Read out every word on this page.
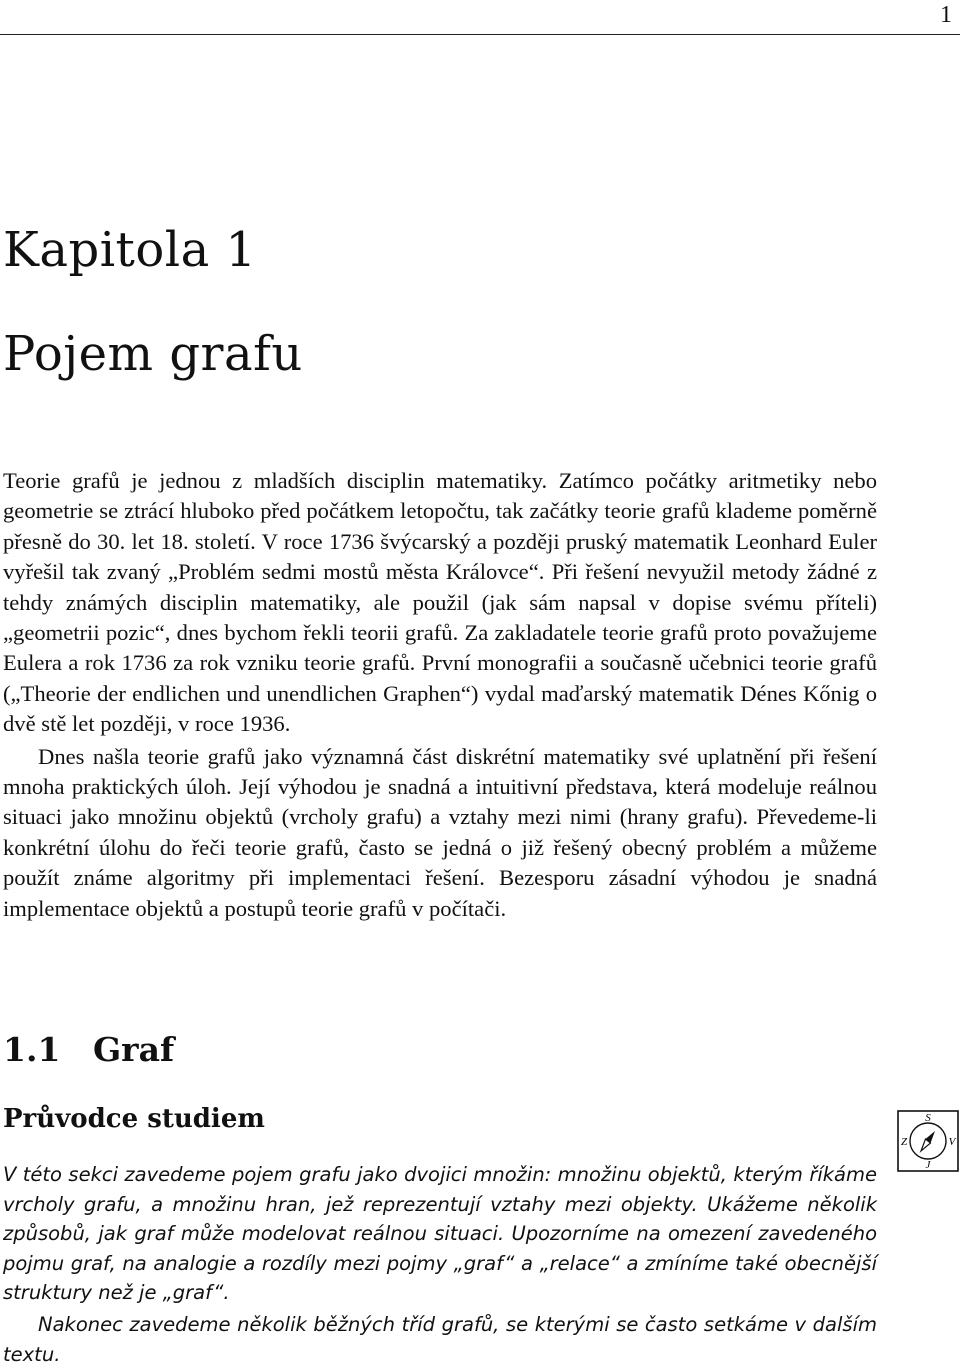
1
Kapitola 1
Pojem grafu

Teorie grafů je jednou z mladších disciplin matematiky. Zatímco počátky aritmetiky nebo geometrie se ztrácí hluboko před počátkem letopočtu, tak začátky teorie grafů klademe poměrně přesně do 30. let 18. století. V roce 1736 švýcarský a později pruský matematik Leonhard Euler vyřešil tak zvaný „Problém sedmi mostů města Královce“. Při řešení nevyužil metody žádné z tehdy známých disciplin matematiky, ale použil (jak sám napsal v dopise svému příteli) „geometrii pozic“, dnes bychom řekli teorii grafů. Za zakladatele teorie grafů proto považujeme Eulera a rok 1736 za rok vzniku teorie grafů. První monografii a současně učebnici teorie grafů („Theorie der endlichen und unendlichen Graphen“) vydal maďarský matematik Dénes Kőnig o dvě stě let později, v roce 1936.

Dnes našla teorie grafů jako významná část diskrétní matematiky své uplatnění při řešení mnoha praktických úloh. Její výhodou je snadná a intuitivní představa, která modeluje reálnou situaci jako množinu objektů (vrcholy grafu) a vztahy mezi nimi (hrany grafu). Převedeme-li konkrétní úlohu do řeči teorie grafů, často se jedná o již řešený obecný problém a můžeme použít známe algoritmy při implementaci řešení. Bezesporu zásadní výhodou je snadná implementace objektů a postupů teorie grafů v počítači.

1.1 Graf
Průvodce studiem	S
Z	V
J

V této sekci zavedeme pojem grafu jako dvojici množin: množinu objektů, kterým říkáme vrcholy grafu, a množinu hran, jež reprezentují vztahy mezi objekty. Ukážeme několik způsobů, jak graf může modelovat reálnou situaci. Upozorníme na omezení zavedeného pojmu graf, na analogie a rozdíly mezi pojmy „graf“ a „relace“ a zmíníme také obecnější struktury než je „graf“.

Nakonec zavedeme několik běžných tříd grafů, se kterými se často setkáme v dalším textu.
